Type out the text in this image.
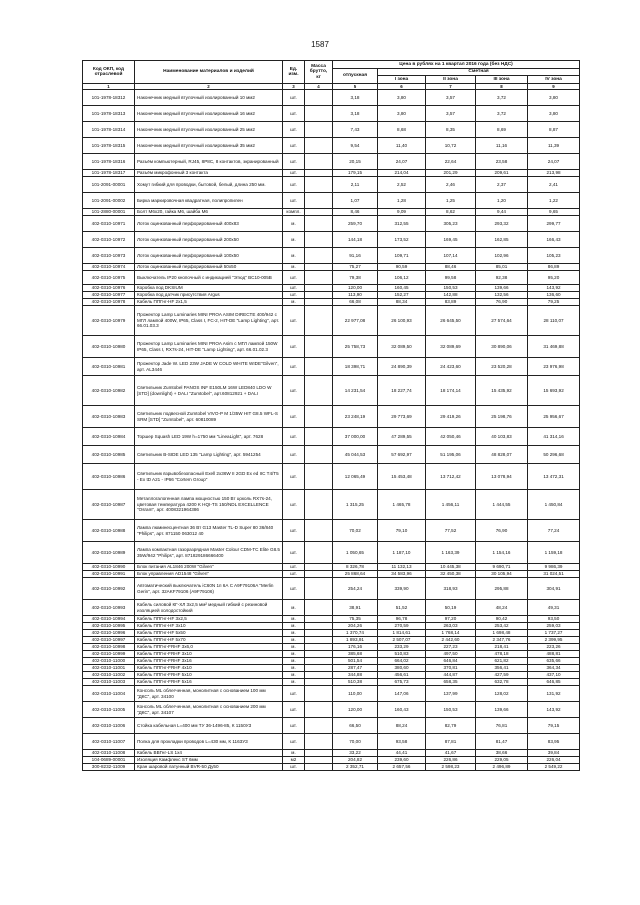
1587
Код ОКП, код отраслевой	Наименование материалов и изделий	Ед. изм.	Масса брутто, кг	Цена в рублях на 1 квартал 2016 года (без НДС)				
				отпускная	Сметная			
					I зона	II зона	III зона	IV зона
1	2	3	4	5	6	7	8	9
101-1978-18312	Наконечник медный втулочный изолированный 10 мм2	шт.		3,18	3,80	3,57	3,72	3,80
101-1978-18313	Наконечник медный втулочный изолированный 16 мм2	шт.		3,18	3,80	3,57	3,72	3,80
101-1978-18314	Наконечник медный втулочный изолированный 25 мм2	шт.		7,43	8,68	8,35	8,69	8,87
101-1978-18315	Наконечник медный втулочный изолированный 35 мм2	шт.		9,54	11,40	10,72	11,16	11,39
101-1978-18316	Разъём компьютерный, RJ45, 8P8C, 8 контактов, экранированный	шт.		20,15	24,07	22,64	23,58	24,07
101-1978-18317	Разъём микрофонный 3 контакта	шт.		179,15	214,04	201,29	209,61	213,98
101-2091-00001	Хомут гибкий для проводки, бытовой, белый, длина 250 мм.	шт.		2,11	2,52	2,46	2,37	2,41
101-2091-00002	Бирка маркировочная квадратная, полипропилен	шт.		1,07	1,28	1,25	1,20	1,22
101-2880-00001	Болт М6х20, гайка М6, шайба М6	компл.		8,46	9,09	8,62	9,44	9,65
402-0310-10971	Лоток оцинкованный перфорированный 400х83	м.		259,70	312,55	305,23	293,32	299,77
402-0310-10972	Лоток оцинкованный перфорированный 200х50	м.		144,18	173,52	169,45	162,85	166,43
402-0310-10973	Лоток оцинкованный перфорированный 100х50	м.		91,16	109,71	107,14	102,96	105,23
402-0310-10974	Лоток оцинкованный перфорированный 50х50	м.		75,27	90,59	88,46	85,01	86,89
402-0310-10975	Выключатель IP20 кнопочный с индикацией "Этюд" BC10-005В	шт.		79,38	106,12	99,58	92,38	95,20
402-0310-10976	Коробка под DKSIUM	шт.		120,00	160,45	150,53	139,66	143,92
402-0310-10977	Коробка под датчик присутствия Argus	шт.		113,90	152,27	142,88	132,56	136,60
402-0310-10978	Кабель ППГнг-HF 2х1,5	м.		66,08	88,34	83,89	76,90	79,25
402-0310-10979	Прожектор Lamp Luminaries MINI PROA ASIM DIRECTE 400/942 с МГЛ лампой 400W, IP65, Class I, FC-2, HIT-DE "Lamp Lighting", арт. 66.01.03.3	шт.		22 977,08	26 100,93	26 645,50	27 574,64	28 110,07
402-0310-10980	Прожектор Lamp Luminaries MINI PROA Asim с МГЛ лампой 150W IP65, Class I, RX7s-24, HIT-DE "Lamp Lighting", арт. 66.01.02.3	шт.		25 758,73	32 089,50	32 089,69	30 890,06	31 469,88
402-0310-10981	Прожектор Jade W. LED 23W JADE W COLD WHITE WIDE"Gilven", арт. AL3446	шт.		18 398,71	24 890,39	24 423,60	23 520,28	23 976,98
402-0310-10982	Светильник Zumtobel PANOS INF E150LM 16W LED840 LDO W [STD] (downlight) + DALI "Zumtobel", арт.60812921 + DALI	шт.		14 231,54	18 227,74	18 174,14	15 435,92	15 693,92
402-0310-10983	Светильник подвесной Zumtobel VIVO-P M 1/35W HIT G8.5 WFL-S SRM [STD] "Zumtobel", арт. 60810089	шт.		23 248,19	29 773,69	29 419,26	25 198,76	25 956,67
402-0310-10984	Торшер Squash LED 19W h=1750 мм "LineaLight", арт. 7628	шт.		37 000,00	47 289,55	42 050,46	40 103,83	41 314,16
402-0310-10985	Светильник B-SIDE LED 135 "Lamp Lighting", арт. 5941254	шт.		45 044,53	57 692,97	51 195,06	48 828,07	50 296,68
402-0310-10986	Светильник взрывобезопасный Exell 2х36W II 2GD Ex ed IIC T4/T5 - Ex tD A21 - IP66 "Cortem Group"	шт.		12 065,49	15 453,48	13 712,42	13 078,94	13 472,31
402-0310-10987	Металлогалогенная лампа мощностью 150 Вт цоколь RX7s-24, цветовая температура 4200 K HQI-TS 150/NDL EXCELLENCE "Osram", арт. 4008321964386	шт.		1 315,25	1 465,78	1 456,11	1 444,55	1 450,84
402-0310-10988	Лампа люминесцентная 36 Вт G13 Master TL-D Super 80 36/840 "Philips", арт. 871150 063012 40	шт.		70,02	79,10	77,52	76,90	77,24
402-0310-10989	Лампа компактная газоразрядная Master Colour CDM-TC Elite G8.5 35W/942 "Philips", арт. 871829186666400	шт.		1 050,65	1 187,10	1 163,39	1 154,16	1 159,18
402-0310-10990	Блок питания AL1846 200W "Gilven"	шт.		8 326,78	11 132,13	10 445,38	9 690,71	9 986,39
402-0310-10991	Блок управления AD1548 "Gilven"	шт.		25 868,64	34 583,96	32 450,38	30 105,94	31 024,51
402-0310-10992	Автоматический выключатель iC60N 1п 6А C A9F79106A "Merlin Gerin", арт. 32AKF79106 (A9F79106)	шт.		254,24	339,90	318,93	295,88	304,91
402-0310-10993	Кабель силовой КГ-ХЛ 3х2,5 мм² медный гибкий с резиновой изоляцией холодостойкий	м.		38,91	51,52	50,19	48,24	49,31
402-0310-10994	Кабель ППГнг-HF 3х2,5	м.		75,35	96,78	97,20	90,42	93,50
402-0310-10995	Кабель ППГнг-HF 3х10	м.		204,26	270,59	263,03	253,42	259,03
402-0310-10996	Кабель ППГнг-HF 5х50	м.		1 370,74	1 814,61	1 768,14	1 698,48	1 737,27
402-0310-10997	Кабель ППГнг-HF 5х70	м.		1 893,91	2 507,07	2 442,60	2 347,76	2 399,95
402-0310-10998	Кабель ППГнг-FRHF 3х6,0	м.		176,16	233,29	227,23	218,41	223,26
402-0310-10999	Кабель ППГнг-FRHF 3х10	м.		385,68	510,83	497,50	478,18	488,81
402-0310-11000	Кабель ППГнг-FRHF 3х16	м.		501,54	664,02	646,84	621,82	635,66
402-0310-11001	Кабель ППГнг-FRHF 4х10	м.		287,47	380,60	370,81	356,41	364,34
402-0310-11002	Кабель ППГнг-FRHF 5х10	м.		344,88	456,61	444,87	427,59	437,10
402-0310-11003	Кабель ППГнг-FRHF 5х16	м.		510,38	675,73	658,35	632,78	646,85
402-0310-11004	Консоль ML облегченная, монолитная с основанием 100 мм "ДКС", арт. 34100	шт.		110,00	147,06	137,99	128,02	131,92
402-0310-11005	Консоль ML облегченная, монолитная с основанием 200 мм "ДКС", арт. 34107	шт.		120,00	160,43	150,53	139,66	143,92
402-0310-11006	Стойка кабельная L=400 мм ТУ 36-1496-85, К 1150УЗ	шт.		66,50	88,24	82,79	76,81	79,15
402-0310-11007	Полка для прокладки проводов L=430 мм, К 1163УЗ	шт.		70,00	93,58	87,81	81,47	83,95
402-0310-11008	Кабель ВВГнг-LS 1х4	м.		33,22	44,41	41,67	38,66	39,84
104-0689-00001	Изоляция Камфлекс ST 6мм	м2		204,82	239,60	226,86	229,05	226,04
300-8232-11009	Кран шаровой латунный BVR-50 Ду50	шт.		2 352,71	2 657,56	2 598,23	2 496,89	2 549,22
